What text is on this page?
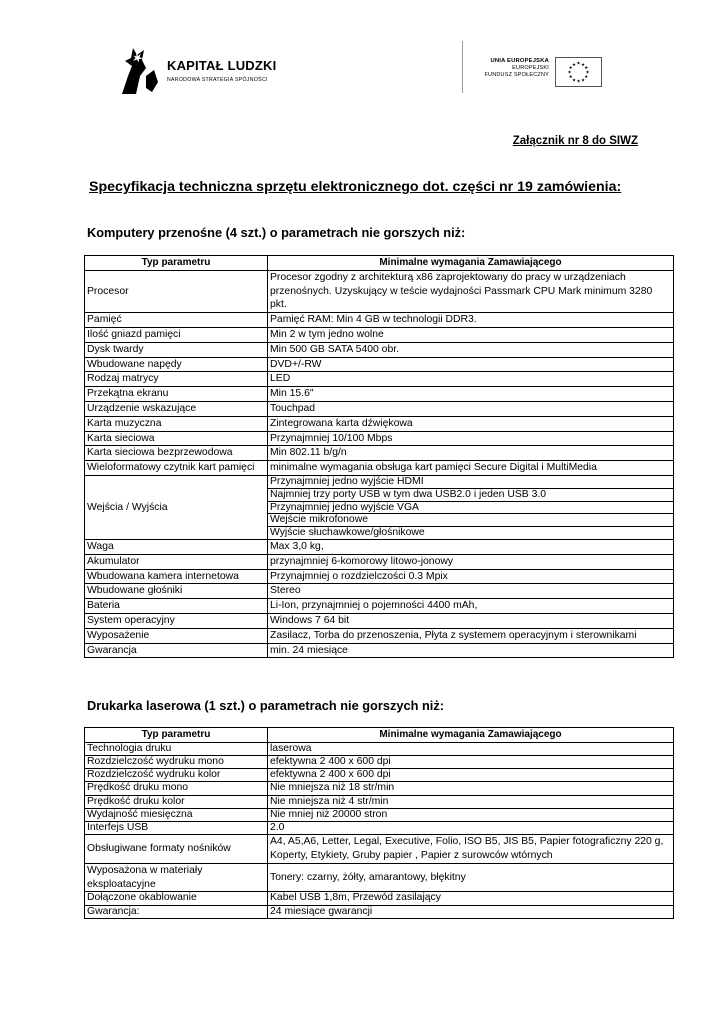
KAPITAŁ LUDZKI
NARODOWA STRATEGIA SPÓJNOŚCI
UNIA EUROPEJSKA
EUROPEJSKI
FUNDUSZ SPOŁECZNY
★ ★
★
★
★
★
★
★
★
★
★
★
Załącznik nr 8 do SIWZ
Specyfikacja techniczna sprzętu elektronicznego dot. części nr 19 zamówienia:
Komputery przenośne (4 szt.) o parametrach nie gorszych niż:
Typ parametru	Minimalne wymagania Zamawiającego
Procesor	Procesor zgodny z architekturą x86 zaprojektowany do pracy w urządzeniach przenośnych. Uzyskujący w teście wydajności Passmark CPU Mark minimum 3280 pkt.
Pamięć	Pamięć RAM: Min 4 GB w technologii DDR3.
Ilość gniazd pamięci	Min 2 w tym jedno wolne
Dysk twardy	Min 500 GB SATA 5400 obr.
Wbudowane napędy	DVD+/-RW
Rodzaj matrycy	LED
Przekątna ekranu	Min 15.6"
Urządzenie wskazujące	Touchpad
Karta muzyczna	Zintegrowana karta dźwiękowa
Karta sieciowa	Przynajmniej 10/100 Mbps
Karta sieciowa bezprzewodowa	Min 802.11 b/g/n
Wieloformatowy czytnik kart pamięci	minimalne wymagania obsługa kart pamięci Secure Digital i MultiMedia
Wejścia / Wyjścia	Przynajmniej jedno wyjście HDMI
Najmniej trzy porty USB w tym dwa USB2.0 i jeden USB 3.0
Przynajmniej jedno wyjście VGA
Wejście mikrofonowe
Wyjście słuchawkowe/głośnikowe

Waga	Max 3,0 kg,
Akumulator	przynajmniej 6-komorowy litowo-jonowy
Wbudowana kamera internetowa	Przynajmniej o rozdzielczości 0.3 Mpix
Wbudowane głośniki	Stereo
Bateria	Li-Ion, przynajmniej o pojemności 4400 mAh,
System operacyjny	Windows 7 64 bit
Wyposażenie	Zasilacz, Torba do przenoszenia, Płyta z systemem operacyjnym i sterownikami
Gwarancja	min. 24 miesiące
Drukarka laserowa (1 szt.) o parametrach nie gorszych niż:
Typ parametru	Minimalne wymagania Zamawiającego
Technologia druku	laserowa
Rozdzielczość wydruku mono	efektywna 2 400 x 600 dpi
Rozdzielczość wydruku kolor	efektywna 2 400 x 600 dpi
Prędkość druku mono	Nie mniejsza niż 18 str/min
Prędkość druku kolor	Nie mniejsza niż 4 str/min
Wydajność miesięczna	Nie mniej niż 20000 stron
Interfejs USB	2.0
Obsługiwane formaty nośników	A4, A5,A6, Letter, Legal, Executive, Folio, ISO B5, JIS B5, Papier fotograficzny 220 g, Koperty, Etykiety, Gruby papier , Papier z surowców wtórnych
Wyposażona w materiały eksploatacyjne	Tonery: czarny, żółty, amarantowy, błękitny
Dołączone okablowanie	Kabel USB 1,8m, Przewód zasilający
Gwarancja:	24 miesiące gwarancji
